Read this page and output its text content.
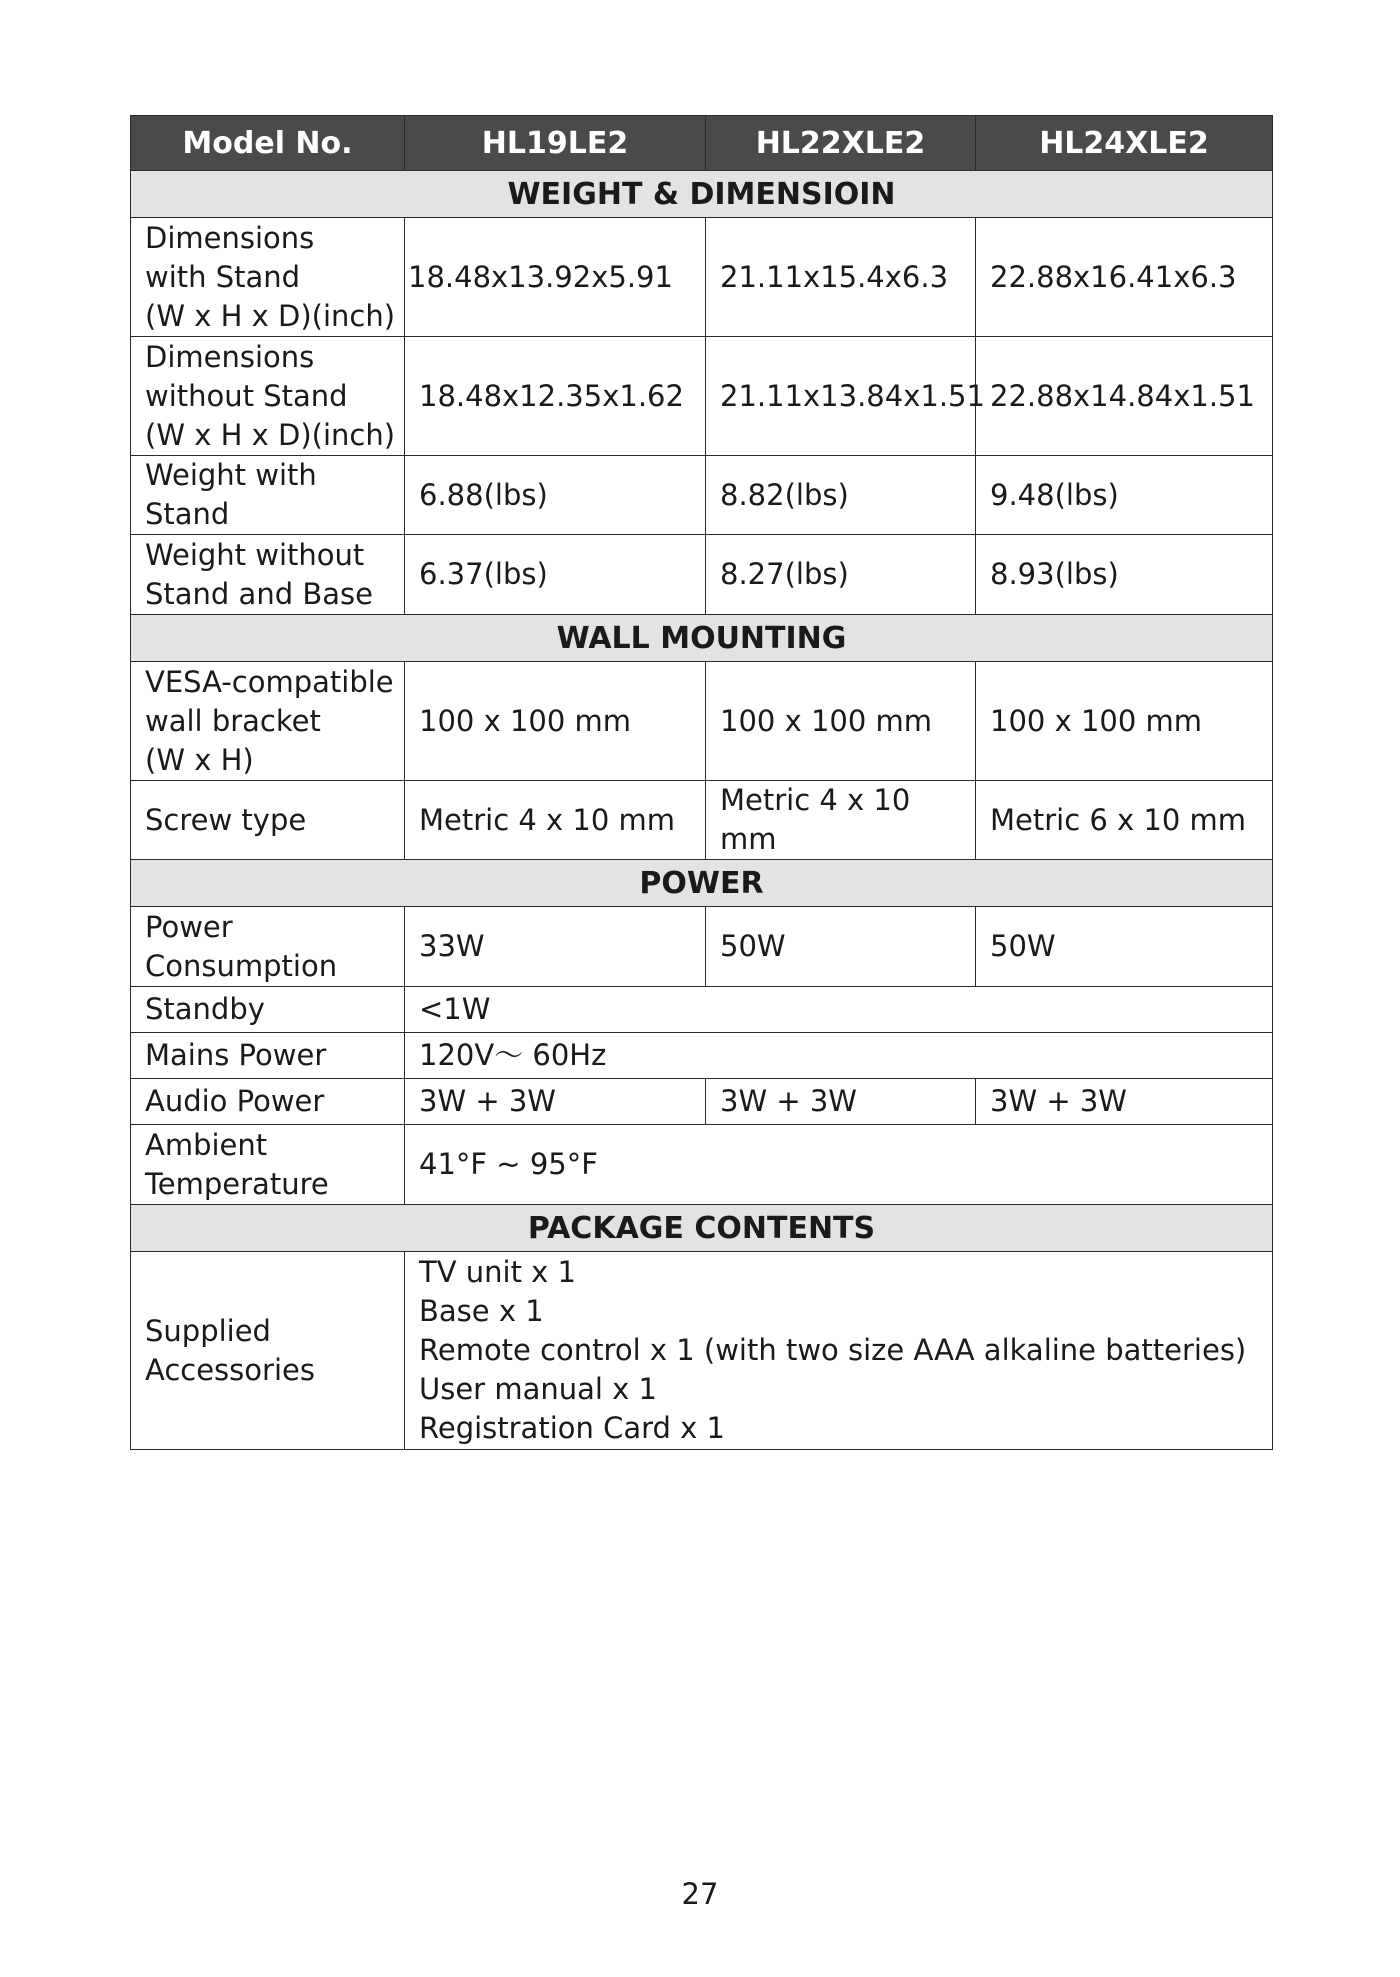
Model No.	HL19LE2	HL22XLE2	HL24XLE2
WEIGHT & DIMENSIOIN			

Dimensions
with Stand
(W x H x D)(inch)	18.48x13.92x5.91	21.11x15.4x6.3	22.88x16.41x6.3

Dimensions
without Stand
(W x H x D)(inch)	18.48x12.35x1.62	21.11x13.84x1.51	22.88x14.84x1.51
Weight with Stand	6.88(lbs)	8.82(lbs)	9.48(lbs)

Weight without
Stand and Base	6.37(lbs)	8.27(lbs)	8.93(lbs)
WALL MOUNTING			

VESA-compatible
wall bracket
(W x H)	100 x 100 mm	100 x 100 mm	100 x 100 mm
Screw type	Metric 4 x 10 mm	Metric 4 x 10 mm	Metric 6 x 10 mm
POWER			

Power
Consumption	33W	50W	50W
Standby	<1W		
Mains Power	120V〜 60Hz		
Audio Power	3W + 3W	3W + 3W	3W + 3W

Ambient
Temperature	41°F ~ 95°F		
PACKAGE CONTENTS			

Supplied
Accessories	TV unit x 1
Base x 1
Remote control x 1 (with two size AAA alkaline batteries)
User manual x 1
Registration Card x 1		
27
